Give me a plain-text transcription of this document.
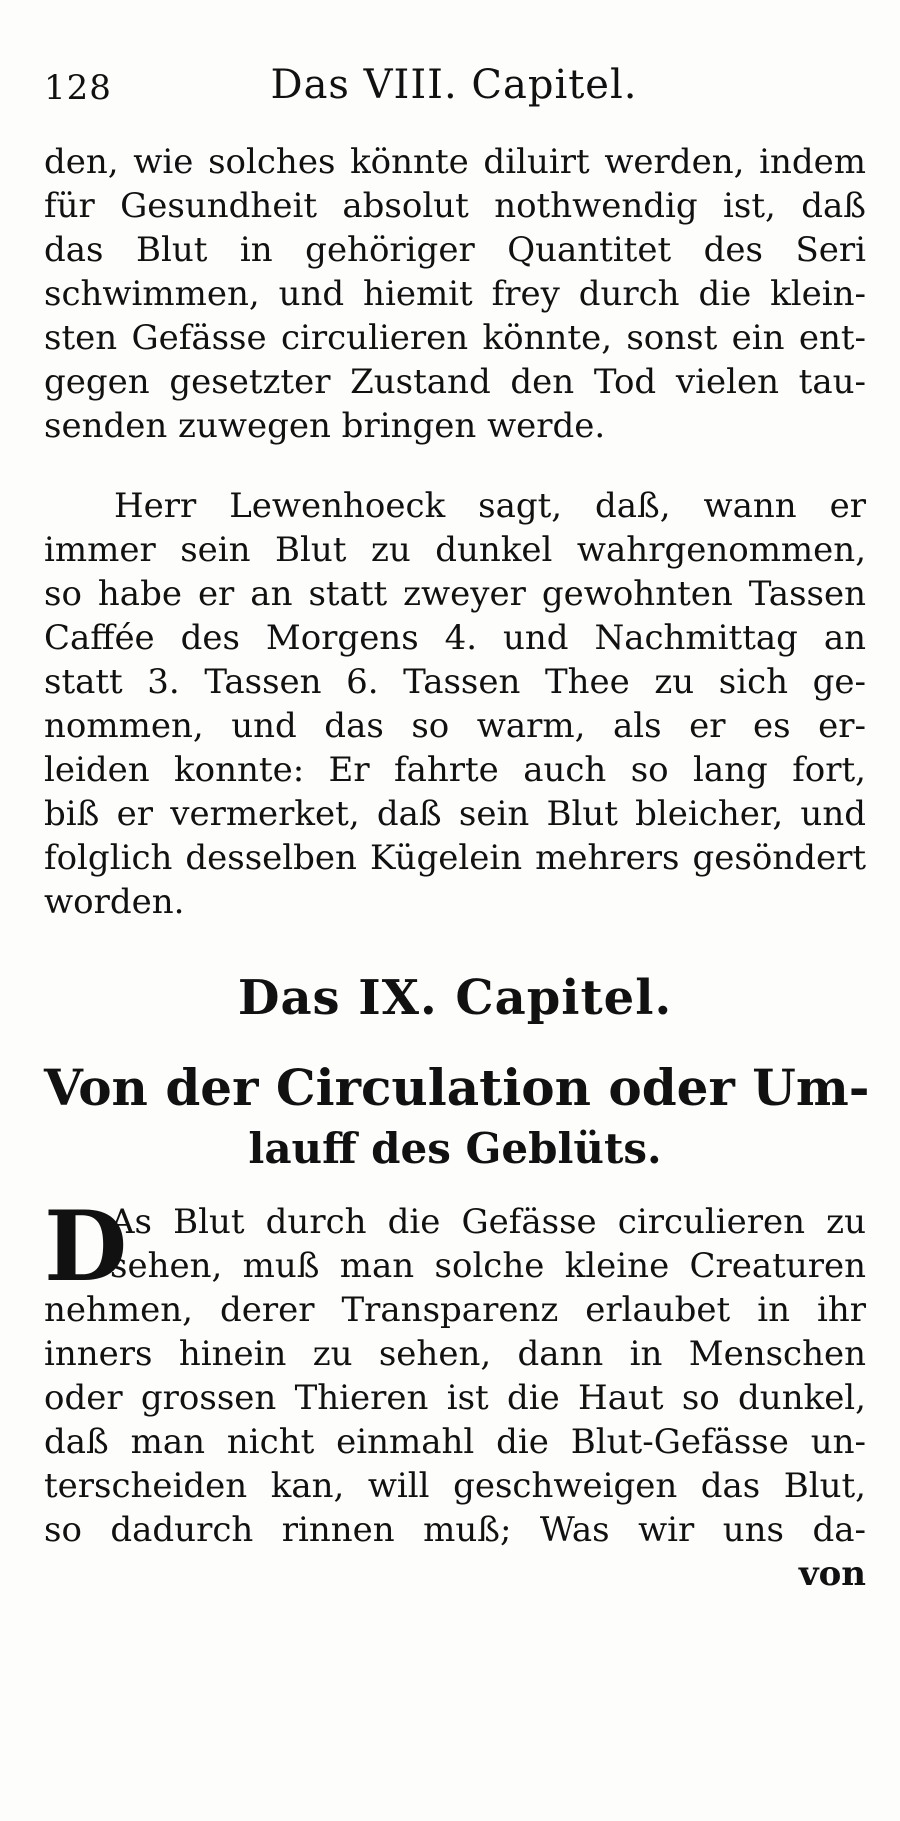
128	Das VIII. Capitel.
den, wie solches könnte diluirt werden, indem
für Gesundheit absolut nothwendig ist, daß
das Blut in gehöriger Quantitet des Seri
schwimmen, und hiemit frey durch die klein-
sten Gefässe circulieren könnte, sonst ein ent-
gegen gesetzter Zustand den Tod vielen tau-
senden zuwegen bringen werde.
Herr Lewenhoeck sagt, daß, wann er
immer sein Blut zu dunkel wahrgenommen,
so habe er an statt zweyer gewohnten Tassen
Caffée des Morgens 4. und Nachmittag an
statt 3. Tassen 6. Tassen Thee zu sich ge-
nommen, und das so warm, als er es er-
leiden konnte: Er fahrte auch so lang fort,
biß er vermerket, daß sein Blut bleicher, und
folglich desselben Kügelein mehrers gesöndert
worden.
Das IX. Capitel.
Von der Circulation oder Um-
lauff des Geblüts.
D
As Blut durch die Gefässe circulieren zu
sehen, muß man solche kleine Creaturen
nehmen, derer Transparenz erlaubet in ihr
inners hinein zu sehen, dann in Menschen
oder grossen Thieren ist die Haut so dunkel,
daß man nicht einmahl die Blut-Gefässe un-
terscheiden kan, will geschweigen das Blut,
so dadurch rinnen muß; Was wir uns da-
von
